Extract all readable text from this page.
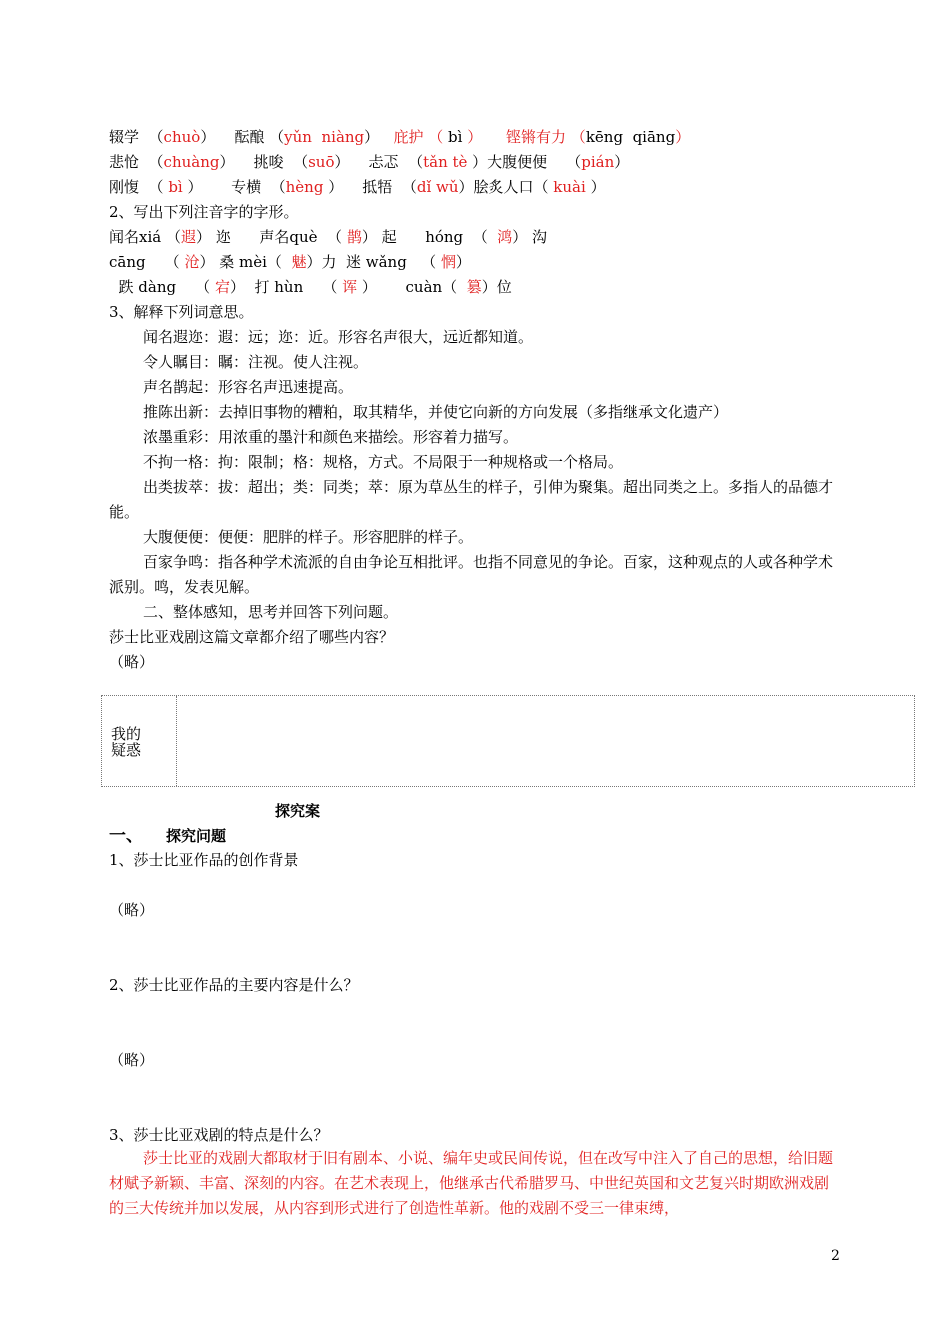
辍学  （chuò）    酝酿 （yǔn  niàng）   庇护 （ bì ）     铿锵有力 （kēng  qiāng）
悲怆  （chuàng）    挑唆  （suō）    忐忑  （tǎn tè ）大腹便便    （pián）
刚愎  （ bì ）      专横  （hèng ）    抵牾  （dǐ wǔ）脍炙人口（ kuài ）
2、写出下列注音字的字形。
闻名xiá （遐） 迩      声名què  （ 鹊） 起      hóng  （  鸿） 沟
cāng    （ 沧） 桑 mèi（  魅）力  迷 wǎng   （ 惘）
跌 dàng    （ 宕）  打 hùn    （ 诨 ）      cuàn（  篡）位
3、解释下列词意思。
闻名遐迩：遐：远；迩：近。形容名声很大，远近都知道。
令人瞩目：瞩：注视。使人注视。
声名鹊起：形容名声迅速提高。
推陈出新：去掉旧事物的糟粕，取其精华，并使它向新的方向发展（多指继承文化遗产）
浓墨重彩：用浓重的墨汁和颜色来描绘。形容着力描写。
不拘一格：拘：限制；格：规格，方式。不局限于一种规格或一个格局。
出类拔萃：拔：超出；类：同类；萃：原为草丛生的样子，引伸为聚集。超出同类之上。多指人的品德才能。
大腹便便：便便：肥胖的样子。形容肥胖的样子。
百家争鸣：指各种学术流派的自由争论互相批评。也指不同意见的争论。百家，这种观点的人或各种学术派别。鸣，发表见解。
二、整体感知，思考并回答下列问题。
莎士比亚戏剧这篇文章都介绍了哪些内容？
（略）
我的
疑惑
探究案
一、 探究问题
1、莎士比亚作品的创作背景
（略）
2、莎士比亚作品的主要内容是什么？
（略）
3、莎士比亚戏剧的特点是什么？
莎士比亚的戏剧大都取材于旧有剧本、小说、编年史或民间传说，但在改写中注入了自己的思想，给旧题材赋予新颖、丰富、深刻的内容。在艺术表现上，他继承古代希腊罗马、中世纪英国和文艺复兴时期欧洲戏剧的三大传统并加以发展，从内容到形式进行了创造性革新。他的戏剧不受三一律束缚，
2
